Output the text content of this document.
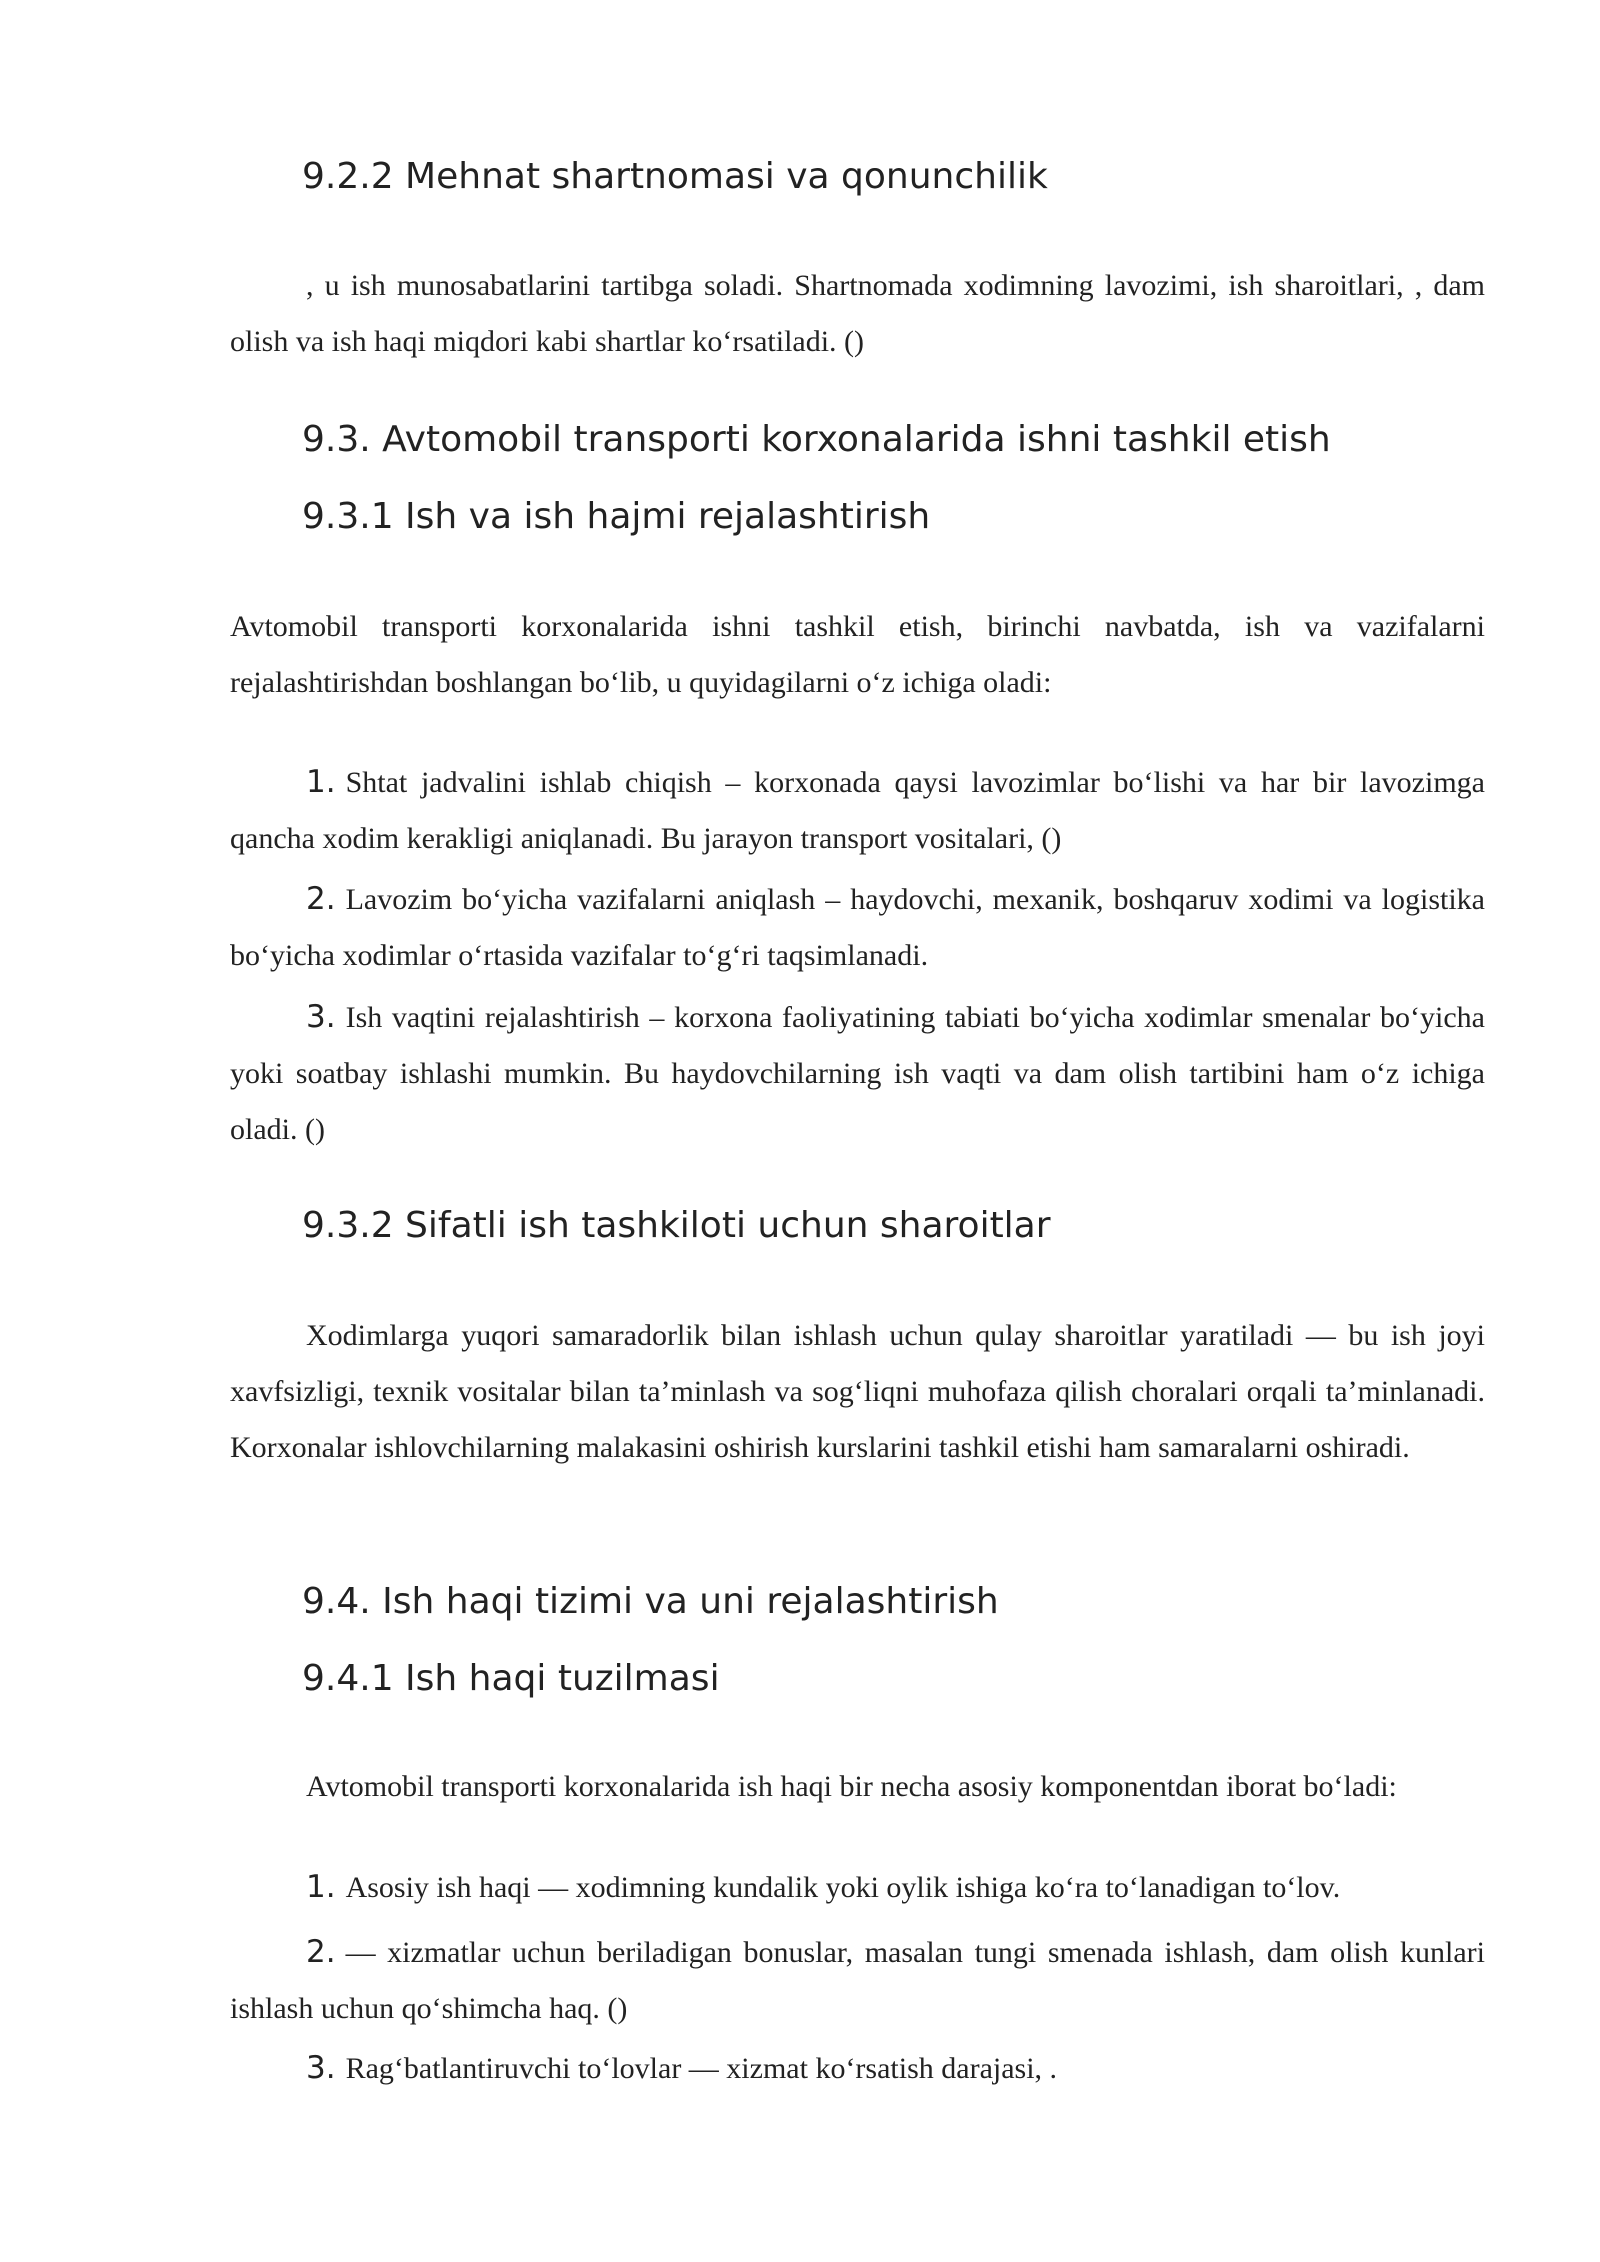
9.2.2 Mehnat shartnomasi va qonunchilik

, u ish munosabatlarini tartibga soladi. Shartnomada xodimning lavozimi, ish sharoitlari, , dam olish va ish haqi miqdori kabi shartlar ko‘rsatiladi. ()

9.3. Avtomobil transporti korxonalarida ishni tashkil etish
9.3.1 Ish va ish hajmi rejalashtirish

Avtomobil transporti korxonalarida ishni tashkil etish, birinchi navbatda, ish va vazifalarni rejalashtirishdan boshlangan bo‘lib, u quyidagilarni o‘z ichiga oladi:

1. Shtat jadvalini ishlab chiqish – korxonada qaysi lavozimlar bo‘lishi va har bir lavozimga qancha xodim kerakligi aniqlanadi. Bu jarayon transport vositalari, ()

2. Lavozim bo‘yicha vazifalarni aniqlash – haydovchi, mexanik, boshqaruv xodimi va logistika bo‘yicha xodimlar o‘rtasida vazifalar to‘g‘ri taqsimlanadi.

3. Ish vaqtini rejalashtirish – korxona faoliyatining tabiati bo‘yicha xodimlar smenalar bo‘yicha yoki soatbay ishlashi mumkin. Bu haydovchilarning ish vaqti va dam olish tartibini ham o‘z ichiga oladi. ()

9.3.2 Sifatli ish tashkiloti uchun sharoitlar

Xodimlarga yuqori samaradorlik bilan ishlash uchun qulay sharoitlar yaratiladi — bu ish joyi xavfsizligi, texnik vositalar bilan ta’minlash va sog‘liqni muhofaza qilish choralari orqali ta’minlanadi. Korxonalar ishlovchilarning malakasini oshirish kurslarini tashkil etishi ham samaralarni oshiradi.

9.4. Ish haqi tizimi va uni rejalashtirish
9.4.1 Ish haqi tuzilmasi

Avtomobil transporti korxonalarida ish haqi bir necha asosiy komponentdan iborat bo‘ladi:

1. Asosiy ish haqi — xodimning kundalik yoki oylik ishiga ko‘ra to‘lanadigan to‘lov.

2. — xizmatlar uchun beriladigan bonuslar, masalan tungi smenada ishlash, dam olish kunlari ishlash uchun qo‘shimcha haq. ()

3. Rag‘batlantiruvchi to‘lovlar — xizmat ko‘rsatish darajasi, .
